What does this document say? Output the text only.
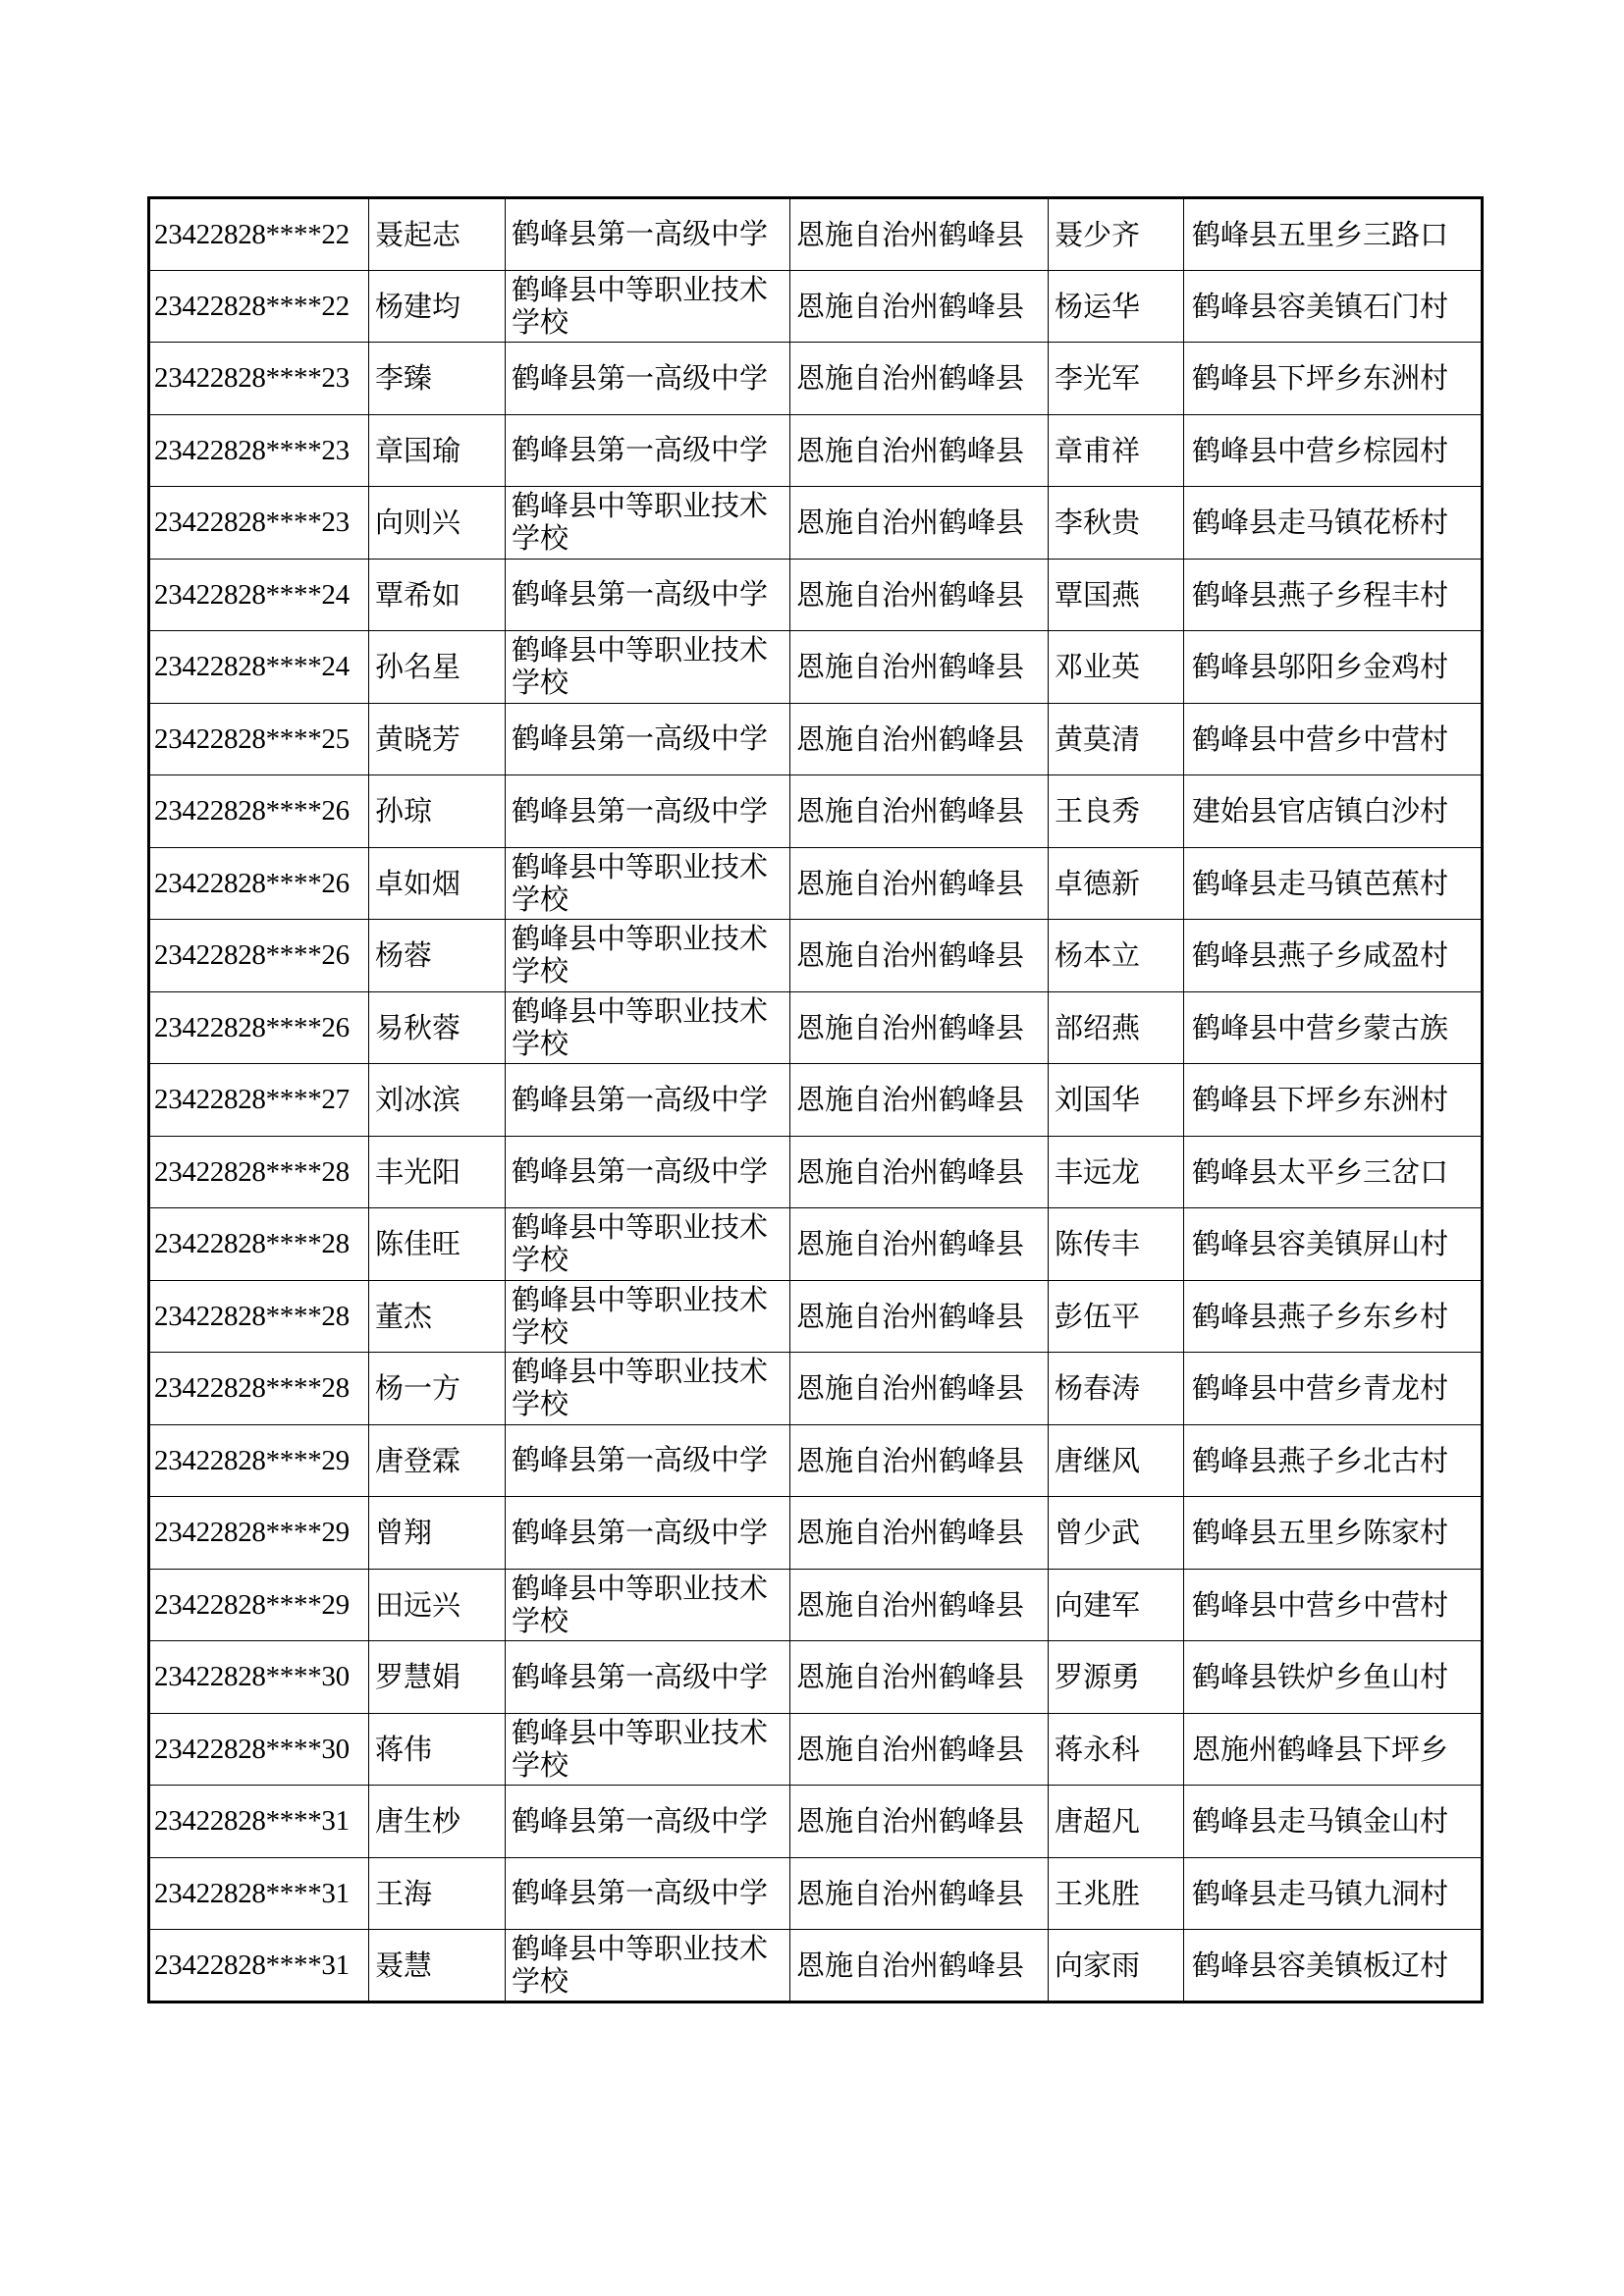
23422828****22	聂起志	鹤峰县第一高级中学	恩施自治州鹤峰县	聂少齐	鹤峰县五里乡三路口
23422828****22	杨建均	鹤峰县中等职业技术学校	恩施自治州鹤峰县	杨运华	鹤峰县容美镇石门村
23422828****23	李臻	鹤峰县第一高级中学	恩施自治州鹤峰县	李光军	鹤峰县下坪乡东洲村
23422828****23	章国瑜	鹤峰县第一高级中学	恩施自治州鹤峰县	章甫祥	鹤峰县中营乡棕园村
23422828****23	向则兴	鹤峰县中等职业技术学校	恩施自治州鹤峰县	李秋贵	鹤峰县走马镇花桥村
23422828****24	覃希如	鹤峰县第一高级中学	恩施自治州鹤峰县	覃国燕	鹤峰县燕子乡程丰村
23422828****24	孙名星	鹤峰县中等职业技术学校	恩施自治州鹤峰县	邓业英	鹤峰县邬阳乡金鸡村
23422828****25	黄晓芳	鹤峰县第一高级中学	恩施自治州鹤峰县	黄莫清	鹤峰县中营乡中营村
23422828****26	孙琼	鹤峰县第一高级中学	恩施自治州鹤峰县	王良秀	建始县官店镇白沙村
23422828****26	卓如烟	鹤峰县中等职业技术学校	恩施自治州鹤峰县	卓德新	鹤峰县走马镇芭蕉村
23422828****26	杨蓉	鹤峰县中等职业技术学校	恩施自治州鹤峰县	杨本立	鹤峰县燕子乡咸盈村
23422828****26	易秋蓉	鹤峰县中等职业技术学校	恩施自治州鹤峰县	部绍燕	鹤峰县中营乡蒙古族
23422828****27	刘冰滨	鹤峰县第一高级中学	恩施自治州鹤峰县	刘国华	鹤峰县下坪乡东洲村
23422828****28	丰光阳	鹤峰县第一高级中学	恩施自治州鹤峰县	丰远龙	鹤峰县太平乡三岔口
23422828****28	陈佳旺	鹤峰县中等职业技术学校	恩施自治州鹤峰县	陈传丰	鹤峰县容美镇屏山村
23422828****28	董杰	鹤峰县中等职业技术学校	恩施自治州鹤峰县	彭伍平	鹤峰县燕子乡东乡村
23422828****28	杨一方	鹤峰县中等职业技术学校	恩施自治州鹤峰县	杨春涛	鹤峰县中营乡青龙村
23422828****29	唐登霖	鹤峰县第一高级中学	恩施自治州鹤峰县	唐继风	鹤峰县燕子乡北古村
23422828****29	曾翔	鹤峰县第一高级中学	恩施自治州鹤峰县	曾少武	鹤峰县五里乡陈家村
23422828****29	田远兴	鹤峰县中等职业技术学校	恩施自治州鹤峰县	向建军	鹤峰县中营乡中营村
23422828****30	罗慧娟	鹤峰县第一高级中学	恩施自治州鹤峰县	罗源勇	鹤峰县铁炉乡鱼山村
23422828****30	蒋伟	鹤峰县中等职业技术学校	恩施自治州鹤峰县	蒋永科	恩施州鹤峰县下坪乡
23422828****31	唐生杪	鹤峰县第一高级中学	恩施自治州鹤峰县	唐超凡	鹤峰县走马镇金山村
23422828****31	王海	鹤峰县第一高级中学	恩施自治州鹤峰县	王兆胜	鹤峰县走马镇九洞村
23422828****31	聂慧	鹤峰县中等职业技术学校	恩施自治州鹤峰县	向家雨	鹤峰县容美镇板辽村
